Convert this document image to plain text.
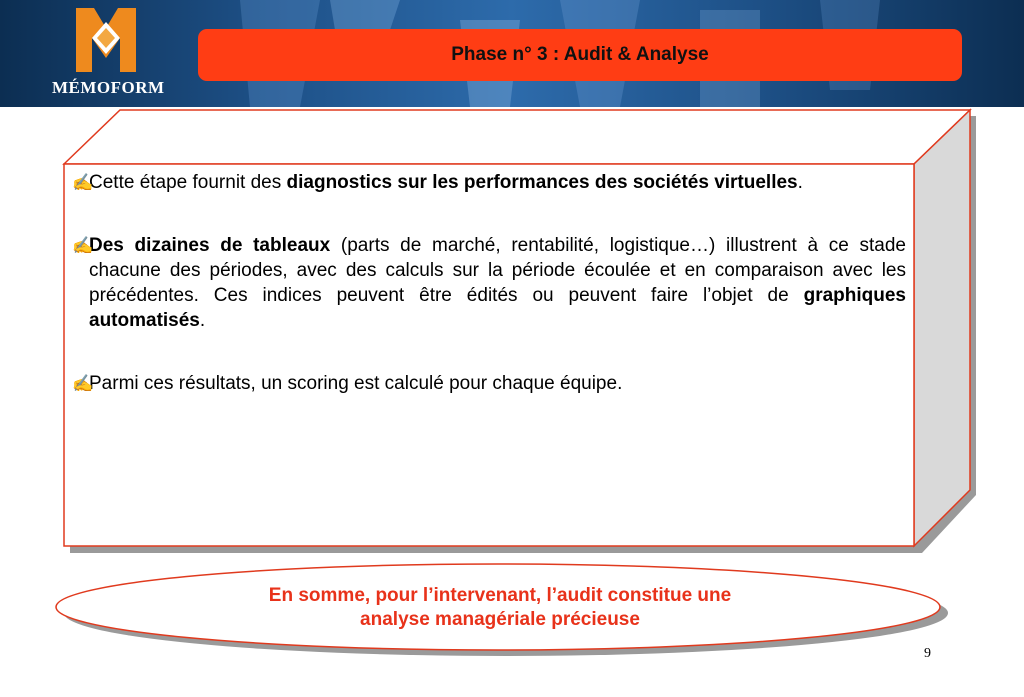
MÉMOFORM
Phase n° 3 : Audit & Analyse

✍
Cette étape fournit des diagnostics sur les performances des sociétés virtuelles.

✍
Des dizaines de tableaux (parts de marché, rentabilité, logistique…) illustrent à ce stade chacune des périodes, avec des calculs sur la période écoulée et en comparaison avec les précédentes. Ces indices peuvent être édités ou peuvent faire l’objet de graphiques automatisés.

✍
Parmi ces résultats, un scoring est calculé pour chaque équipe.

En somme, pour l’intervenant, l’audit constitue une
analyse managériale précieuse
9
